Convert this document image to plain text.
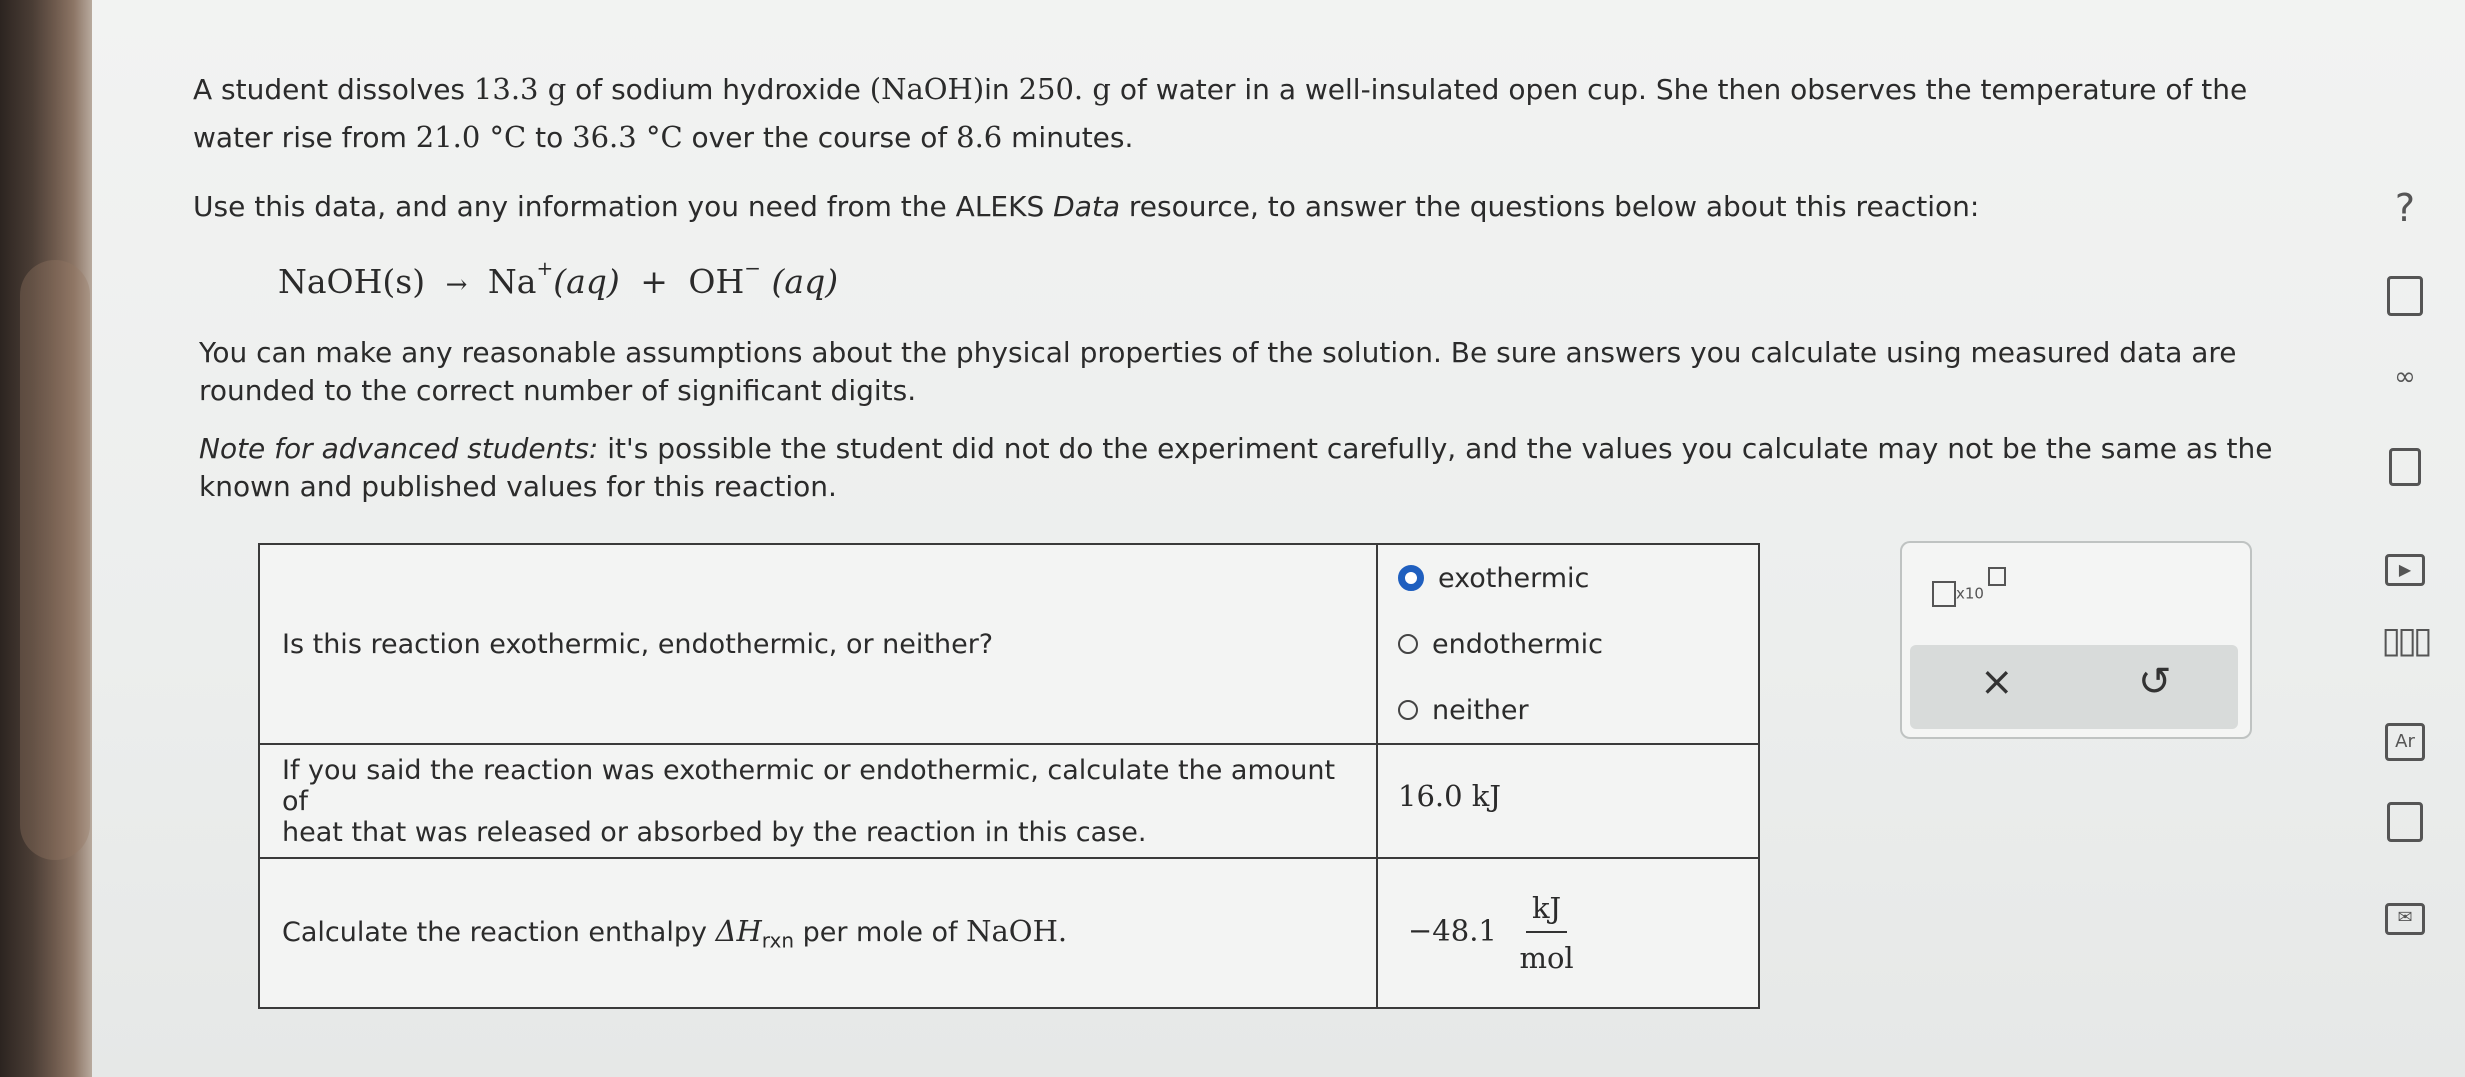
A student dissolves 13.3 g of sodium hydroxide (NaOH)in 250. g of water in a well-insulated open cup. She then observes the temperature of the
water rise from 21.0 °C to 36.3 °C over the course of 8.6 minutes.
Use this data, and any information you need from the ALEKS Data resource, to answer the questions below about this reaction:
NaOH(s) → Na+(aq) + OH− (aq)
You can make any reasonable assumptions about the physical properties of the solution. Be sure answers you calculate using measured data are
rounded to the correct number of significant digits.
Note for advanced students: it's possible the student did not do the experiment carefully, and the values you calculate may not be the same as the
known and published values for this reaction.
Is this reaction exothermic, endothermic, or neither?	exothermic
endothermic
neither

If you said the reaction was exothermic or endothermic, calculate the amount of
heat that was released or absorbed by the reaction in this case.	16.0 kJ
Calculate the reaction enthalpy $\Delta H_{rxn}$ per mole of NaOH.	$-48.1 \frac{kJ}{\text{mol}}$
x10
×	↺
?
∞
▶
▯▯▯
Ar
✉
